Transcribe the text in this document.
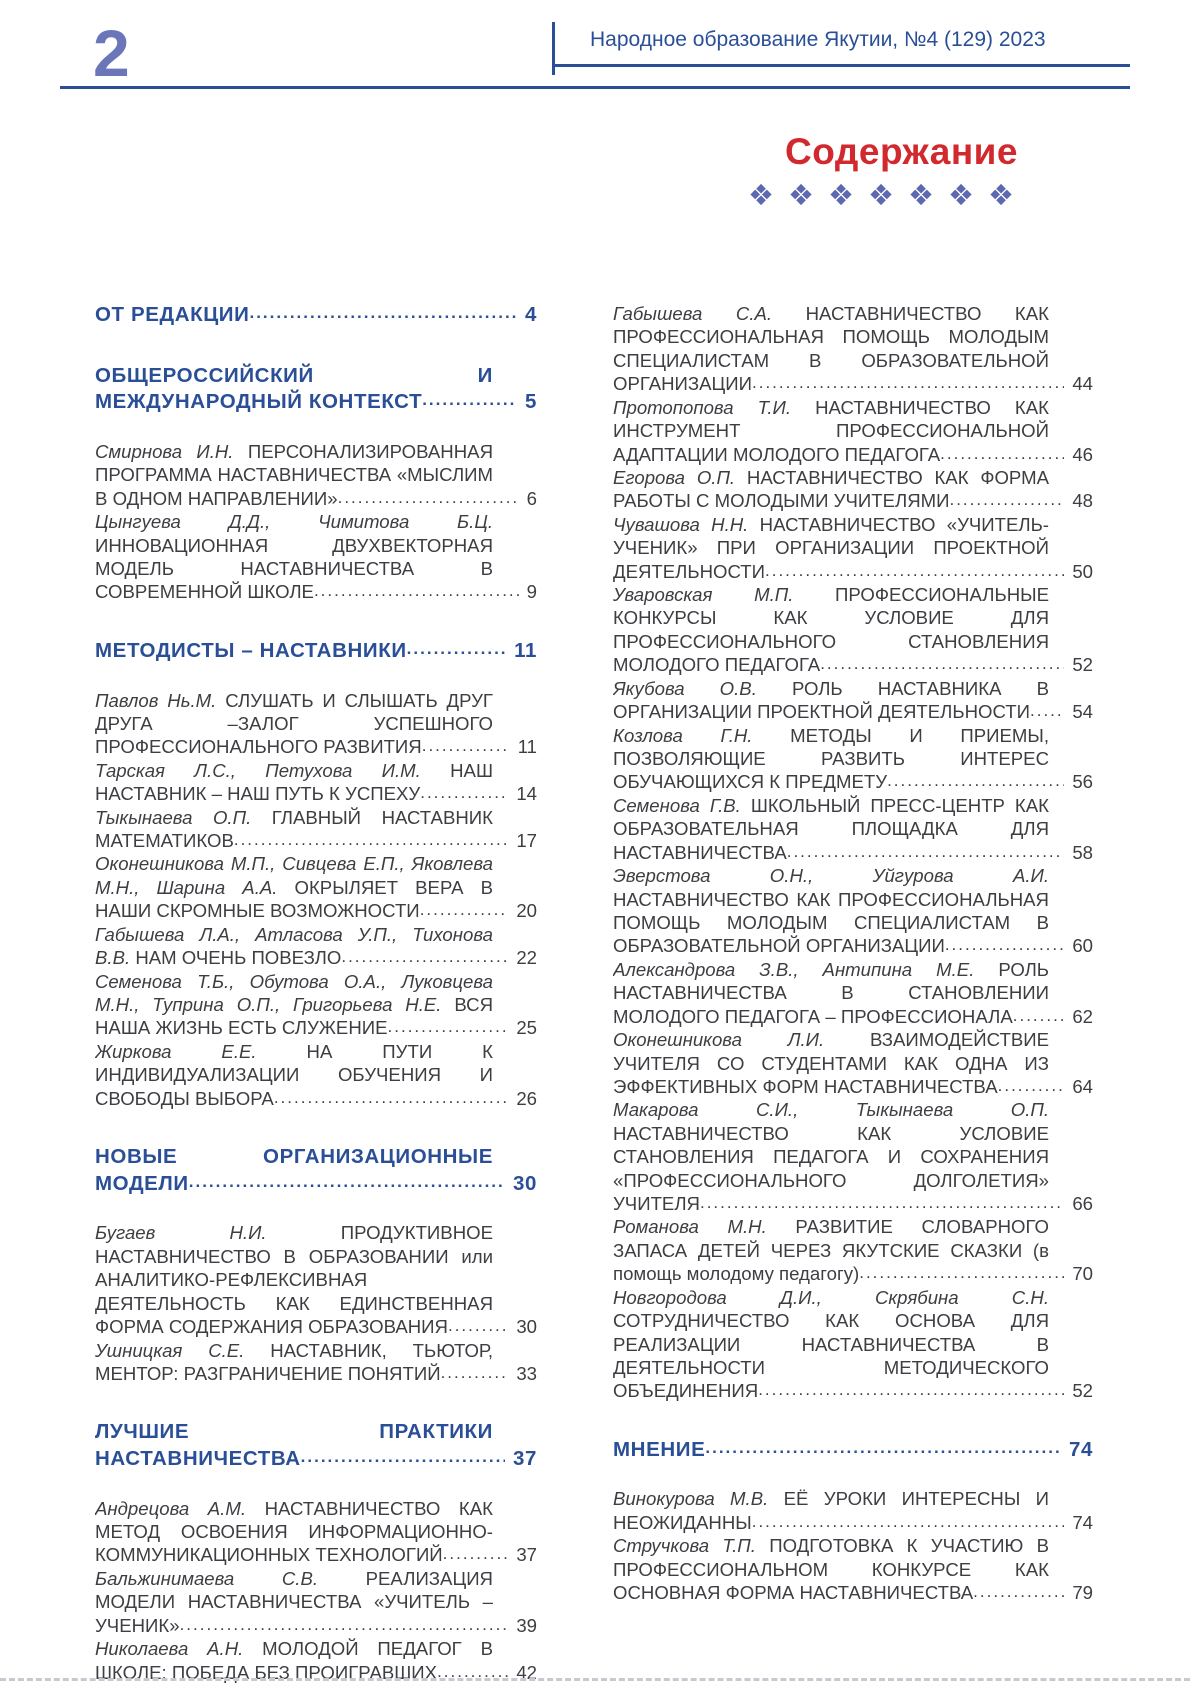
2	Народное образование Якутии, №4 (129) 2023
Содержание
❖ ❖ ❖ ❖ ❖ ❖ ❖
ОТ РЕДАКЦИИ .....	4
ОБЩЕРОССИЙСКИЙ И МЕЖДУНАРОДНЫЙ КОНТЕКСТ .....	5
Смирнова И.Н. ПЕРСОНАЛИЗИРОВАННАЯ ПРОГРАММА НАСТАВНИЧЕСТВА «МЫСЛИМ В ОДНОМ НАПРАВЛЕНИИ» .....	6
Цынгуева Д.Д., Чимитова Б.Ц. ИННОВАЦИОННАЯ ДВУХВЕКТОРНАЯ МОДЕЛЬ НАСТАВНИЧЕСТВА В СОВРЕМЕННОЙ ШКОЛЕ .....	9
МЕТОДИСТЫ – НАСТАВНИКИ .....	11
Павлов Нь.М. СЛУШАТЬ И СЛЫШАТЬ ДРУГ ДРУГА –ЗАЛОГ УСПЕШНОГО ПРОФЕССИОНАЛЬНОГО РАЗВИТИЯ .....	11
Тарская Л.С., Петухова И.М. НАШ НАСТАВНИК – НАШ ПУТЬ К УСПЕХУ .....	14
Тыкынаева О.П. ГЛАВНЫЙ НАСТАВНИК МАТЕМАТИКОВ .....	17
Оконешникова М.П., Сивцева Е.П., Яковлева М.Н., Шарина А.А. ОКРЫЛЯЕТ ВЕРА В НАШИ СКРОМНЫЕ ВОЗМОЖНОСТИ .....	20
Габышева Л.А., Атласова У.П., Тихонова В.В. НАМ ОЧЕНЬ ПОВЕЗЛО .....	22
Семенова Т.Б., Обутова О.А., Луковцева М.Н., Туприна О.П., Григорьева Н.Е. ВСЯ НАША ЖИЗНЬ ЕСТЬ СЛУЖЕНИЕ .....	25
Жиркова Е.Е. НА ПУТИ К ИНДИВИДУАЛИЗАЦИИ ОБУЧЕНИЯ И СВОБОДЫ ВЫБОРА .....	26
НОВЫЕ ОРГАНИЗАЦИОННЫЕ МОДЕЛИ .....	30
Бугаев Н.И. ПРОДУКТИВНОЕ НАСТАВНИЧЕСТВО В ОБРАЗОВАНИИ или АНАЛИТИКО-РЕФЛЕКСИВНАЯ ДЕЯТЕЛЬНОСТЬ КАК ЕДИНСТВЕННАЯ ФОРМА СОДЕРЖАНИЯ ОБРАЗОВАНИЯ .....	30
Ушницкая С.Е. НАСТАВНИК, ТЬЮТОР, МЕНТОР: РАЗГРАНИЧЕНИЕ ПОНЯТИЙ .....	33
ЛУЧШИЕ ПРАКТИКИ НАСТАВНИЧЕСТВА .....	37
Андрецова А.М. НАСТАВНИЧЕСТВО КАК МЕТОД ОСВОЕНИЯ ИНФОРМАЦИОННО-КОММУНИКАЦИОННЫХ ТЕХНОЛОГИЙ .....	37
Бальжинимаева С.В. РЕАЛИЗАЦИЯ МОДЕЛИ НАСТАВНИЧЕСТВА «УЧИТЕЛЬ – УЧЕНИК» .....	39
Николаева А.Н. МОЛОДОЙ ПЕДАГОГ В ШКОЛЕ: ПОБЕДА БЕЗ ПРОИГРАВШИХ .....	42
Габышева С.А. НАСТАВНИЧЕСТВО КАК ПРОФЕССИОНАЛЬНАЯ ПОМОЩЬ МОЛОДЫМ СПЕЦИАЛИСТАМ В ОБРАЗОВАТЕЛЬНОЙ ОРГАНИЗАЦИИ .....	44
Протопопова Т.И. НАСТАВНИЧЕСТВО КАК ИНСТРУМЕНТ ПРОФЕССИОНАЛЬНОЙ АДАПТАЦИИ МОЛОДОГО ПЕДАГОГА .....	46
Егорова О.П. НАСТАВНИЧЕСТВО КАК ФОРМА РАБОТЫ С МОЛОДЫМИ УЧИТЕЛЯМИ .....	48
Чувашова Н.Н. НАСТАВНИЧЕСТВО «УЧИТЕЛЬ-УЧЕНИК» ПРИ ОРГАНИЗАЦИИ ПРОЕКТНОЙ ДЕЯТЕЛЬНОСТИ .....	50
Уваровская М.П. ПРОФЕССИОНАЛЬНЫЕ КОНКУРСЫ КАК УСЛОВИЕ ДЛЯ ПРОФЕССИОНАЛЬНОГО СТАНОВЛЕНИЯ МОЛОДОГО ПЕДАГОГА .....	52
Якубова О.В. РОЛЬ НАСТАВНИКА В ОРГАНИЗАЦИИ ПРОЕКТНОЙ ДЕЯТЕЛЬНОСТИ .....	54
Козлова Г.Н. МЕТОДЫ И ПРИЕМЫ, ПОЗВОЛЯЮЩИЕ РАЗВИТЬ ИНТЕРЕС ОБУЧАЮЩИХСЯ К ПРЕДМЕТУ .....	56
Семенова Г.В. ШКОЛЬНЫЙ ПРЕСС-ЦЕНТР КАК ОБРАЗОВАТЕЛЬНАЯ ПЛОЩАДКА ДЛЯ НАСТАВНИЧЕСТВА .....	58
Эверстова О.Н., Уйгурова А.И. НАСТАВНИЧЕСТВО КАК ПРОФЕССИОНАЛЬНАЯ ПОМОЩЬ МОЛОДЫМ СПЕЦИАЛИСТАМ В ОБРАЗОВАТЕЛЬНОЙ ОРГАНИЗАЦИИ .....	60
Александрова З.В., Антипина М.Е. РОЛЬ НАСТАВНИЧЕСТВА В СТАНОВЛЕНИИ МОЛОДОГО ПЕДАГОГА – ПРОФЕССИОНАЛА .....	62
Оконешникова Л.И. ВЗАИМОДЕЙСТВИЕ УЧИТЕЛЯ СО СТУДЕНТАМИ КАК ОДНА ИЗ ЭФФЕКТИВНЫХ ФОРМ НАСТАВНИЧЕСТВА .....	64
Макарова С.И., Тыкынаева О.П. НАСТАВНИЧЕСТВО КАК УСЛОВИЕ СТАНОВЛЕНИЯ ПЕДАГОГА И СОХРАНЕНИЯ «ПРОФЕССИОНАЛЬНОГО ДОЛГОЛЕТИЯ» УЧИТЕЛЯ .....	66
Романова М.Н. РАЗВИТИЕ СЛОВАРНОГО ЗАПАСА ДЕТЕЙ ЧЕРЕЗ ЯКУТСКИЕ СКАЗКИ (в помощь молодому педагогу) .....	70
Новгородова Д.И., Скрябина С.Н. СОТРУДНИЧЕСТВО КАК ОСНОВА ДЛЯ РЕАЛИЗАЦИИ НАСТАВНИЧЕСТВА В ДЕЯТЕЛЬНОСТИ МЕТОДИЧЕСКОГО ОБЪЕДИНЕНИЯ .....	52
МНЕНИЕ .....	74
Винокурова М.В. ЕЁ УРОКИ ИНТЕРЕСНЫ И НЕОЖИДАННЫ .....	74
Стручкова Т.П. ПОДГОТОВКА К УЧАСТИЮ В ПРОФЕССИОНАЛЬНОМ КОНКУРСЕ КАК ОСНОВНАЯ ФОРМА НАСТАВНИЧЕСТВА .....	79
